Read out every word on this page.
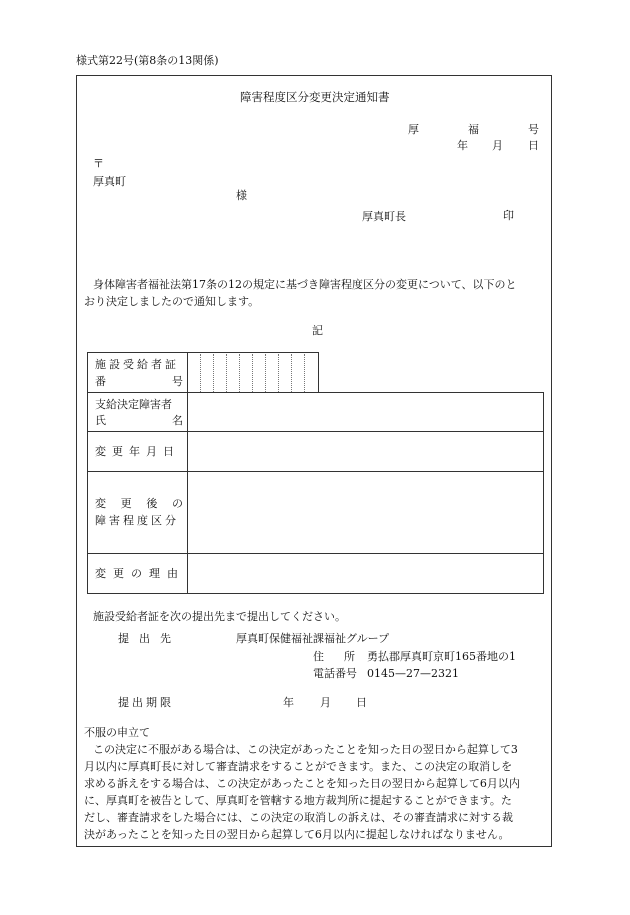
様式第22号(第8条の13関係)
障害程度区分変更決定通知書
厚	福	号
年 月 日
〒
厚真町
様
厚真町長	印
身体障害者福祉法第17条の12の規定に基づき障害程度区分の変更について、以下のと
おり決定しましたので通知します。
記
施設受給者証
番号
支給決定障害者
氏名
変更年月日
変更後の
障害程度区分
変更の理由
施設受給者証を次の提出先まで提出してください。
提出先	厚真町保健福祉課福祉グループ
住所 勇払郡厚真町京町165番地の1
電話番号 0145—27—2321
提出期限	年 月 日
不服の申立て
この決定に不服がある場合は、この決定があったことを知った日の翌日から起算して3
月以内に厚真町長に対して審査請求をすることができます。また、この決定の取消しを
求める訴えをする場合は、この決定があったことを知った日の翌日から起算して6月以内
に、厚真町を被告として、厚真町を管轄する地方裁判所に提起することができます。た
だし、審査請求をした場合には、この決定の取消しの訴えは、その審査請求に対する裁
決があったことを知った日の翌日から起算して6月以内に提起しなければなりません。
